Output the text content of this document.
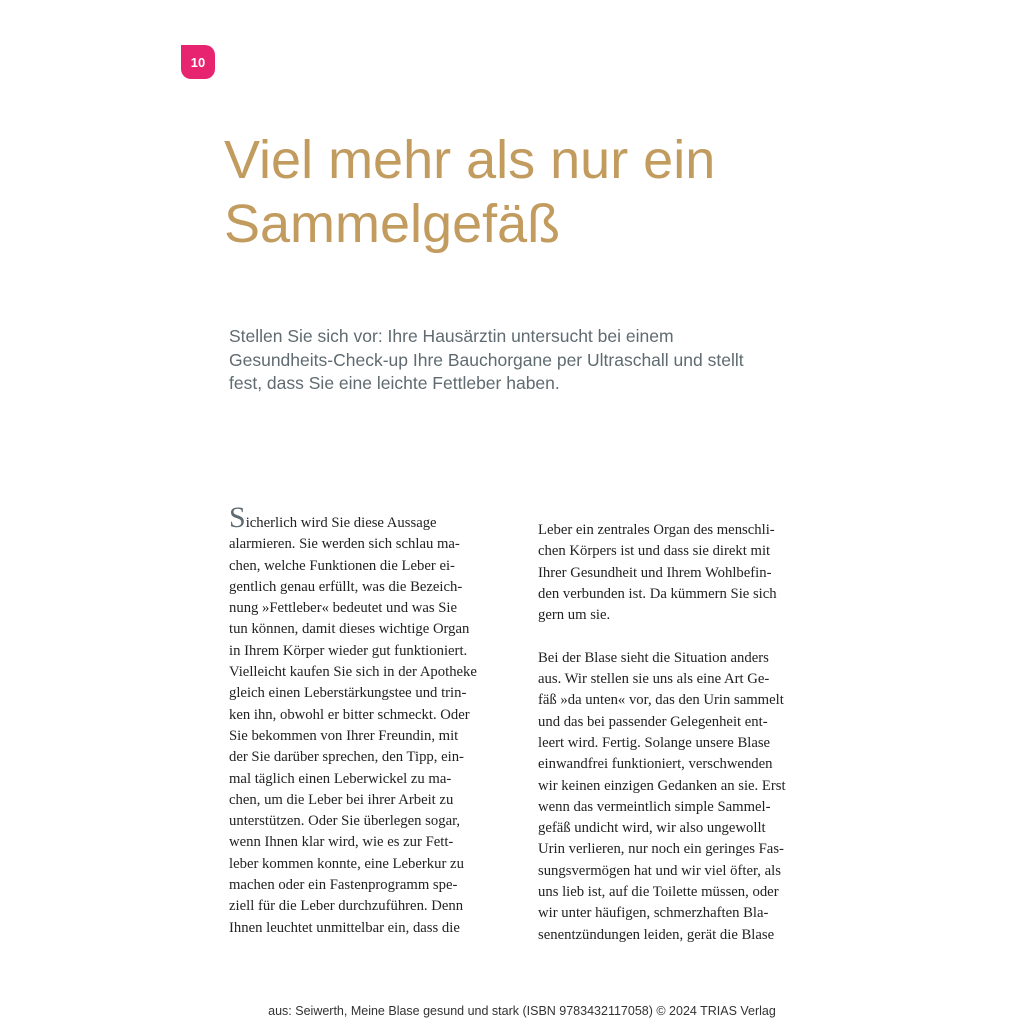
10
Viel mehr als nur ein
Sammelgefäß

Stellen Sie sich vor: Ihre Hausärztin untersucht bei einem
Gesundheits-Check-up Ihre Bauchorgane per Ultraschall und stellt
fest, dass Sie eine leichte Fettleber haben.

Sicherlich wird Sie diese Aussage
alarmieren. Sie werden sich schlau ma-
chen, welche Funktionen die Leber ei-
gentlich genau erfüllt, was die Bezeich-
nung »Fettleber« bedeutet und was Sie
tun können, damit dieses wichtige Organ
in Ihrem Körper wieder gut funktioniert.
Vielleicht kaufen Sie sich in der Apotheke
gleich einen Leberstärkungstee und trin-
ken ihn, obwohl er bitter schmeckt. Oder
Sie bekommen von Ihrer Freundin, mit
der Sie darüber sprechen, den Tipp, ein-
mal täglich einen Leberwickel zu ma-
chen, um die Leber bei ihrer Arbeit zu
unterstützen. Oder Sie überlegen sogar,
wenn Ihnen klar wird, wie es zur Fett-
leber kommen konnte, eine Leberkur zu
machen oder ein Fastenprogramm spe-
ziell für die Leber durchzuführen. Denn
Ihnen leuchtet unmittelbar ein, dass die

Leber ein zentrales Organ des menschli-
chen Körpers ist und dass sie direkt mit
Ihrer Gesundheit und Ihrem Wohlbefin-
den verbunden ist. Da kümmern Sie sich
gern um sie.

Bei der Blase sieht die Situation anders
aus. Wir stellen sie uns als eine Art Ge-
fäß »da unten« vor, das den Urin sammelt
und das bei passender Gelegenheit ent-
leert wird. Fertig. Solange unsere Blase
einwandfrei funktioniert, verschwenden
wir keinen einzigen Gedanken an sie. Erst
wenn das vermeintlich simple Sammel-
gefäß undicht wird, wir also ungewollt
Urin verlieren, nur noch ein geringes Fas-
sungsvermögen hat und wir viel öfter, als
uns lieb ist, auf die Toilette müssen, oder
wir unter häufigen, schmerzhaften Bla-
senentzündungen leiden, gerät die Blase

aus: Seiwerth, Meine Blase gesund und stark (ISBN 9783432117058) © 2024 TRIAS Verlag
